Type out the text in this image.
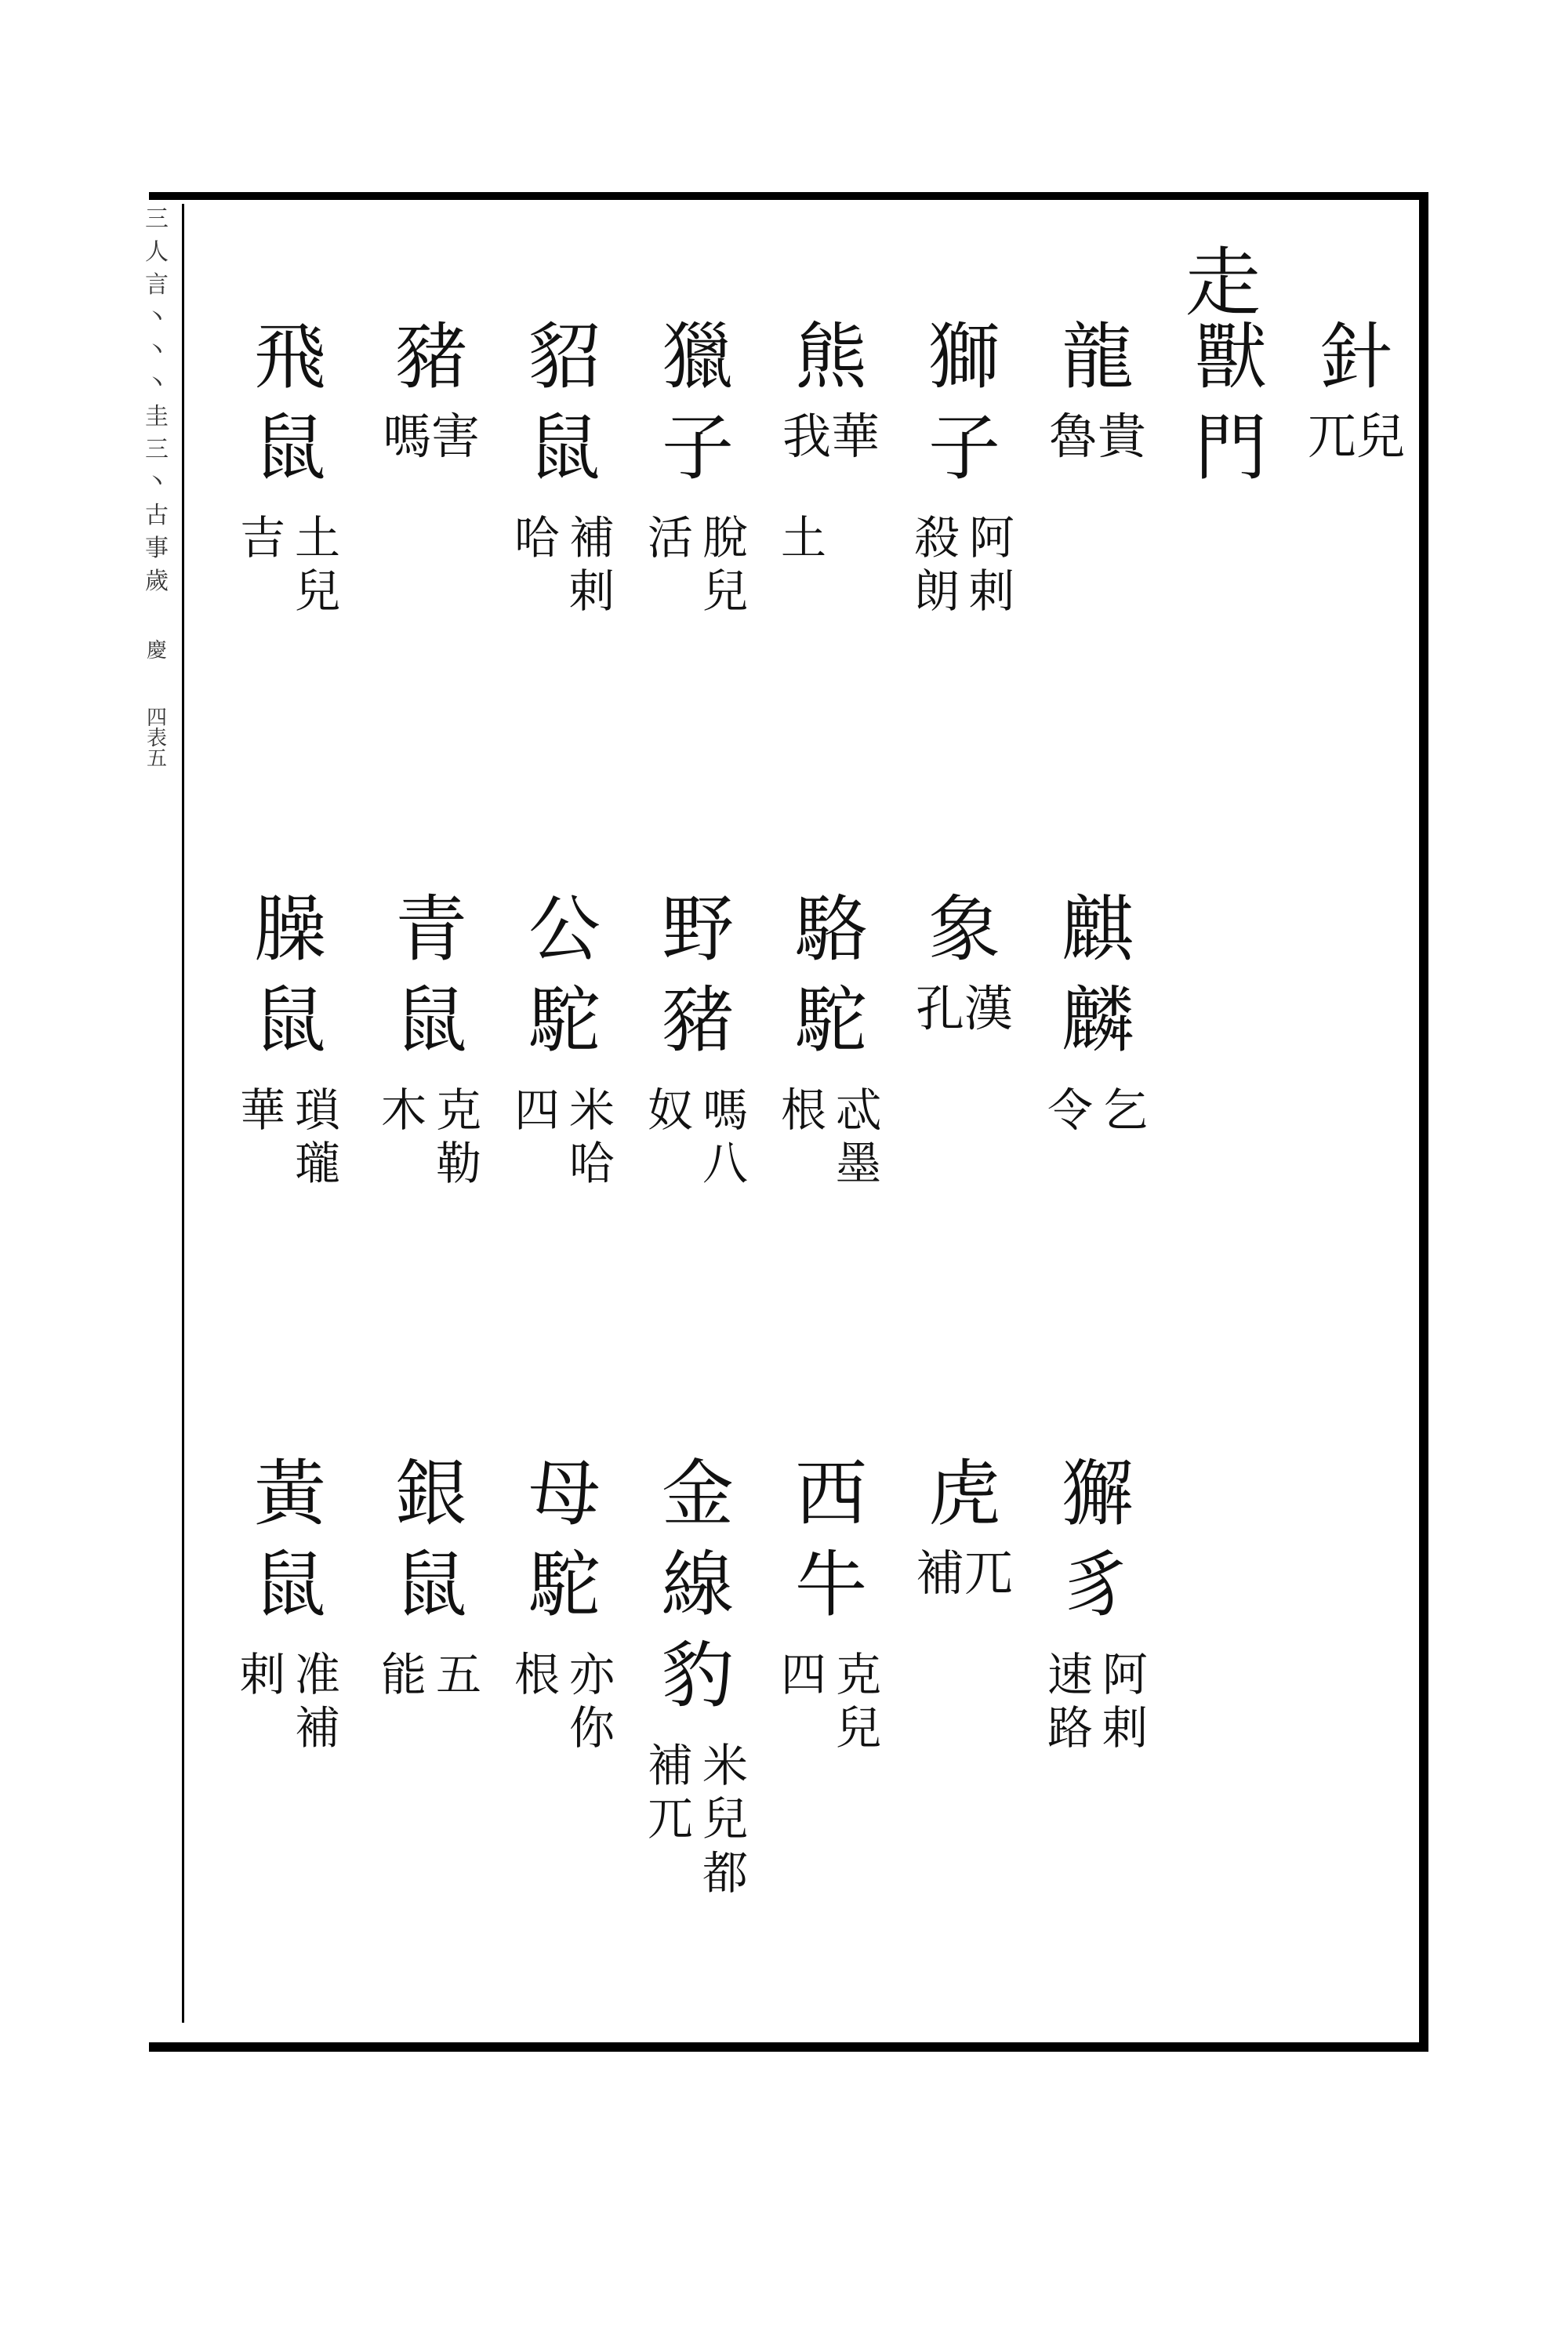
三
人
言
丶
丶
丶
圭
三
丶
古
事
歲
慶
四表五
走
針
兀兒
獸
門
龍
魯貴
獅
子
阿
剌
殺
朗
熊
我華
土
獵
子
脫
兒
活
貂
鼠
補
剌
哈
豬
嗎害
飛
鼠
土
兒
吉
麒
麟
乞
令
象
孔漢
駱
駝
忒
墨
根
野
豬
嗎
八
奴
公
駝
米
哈
四
青
鼠
克
勒
木
臊
鼠
瑣
瓏
華
獬
豸
阿
剌
速
路
虎
補兀
西
牛
克
兒
四
金
線
豹
米
兒
都
補
兀
母
駝
亦
你
根
銀
鼠
五
能
黃
鼠
准
補
剌
